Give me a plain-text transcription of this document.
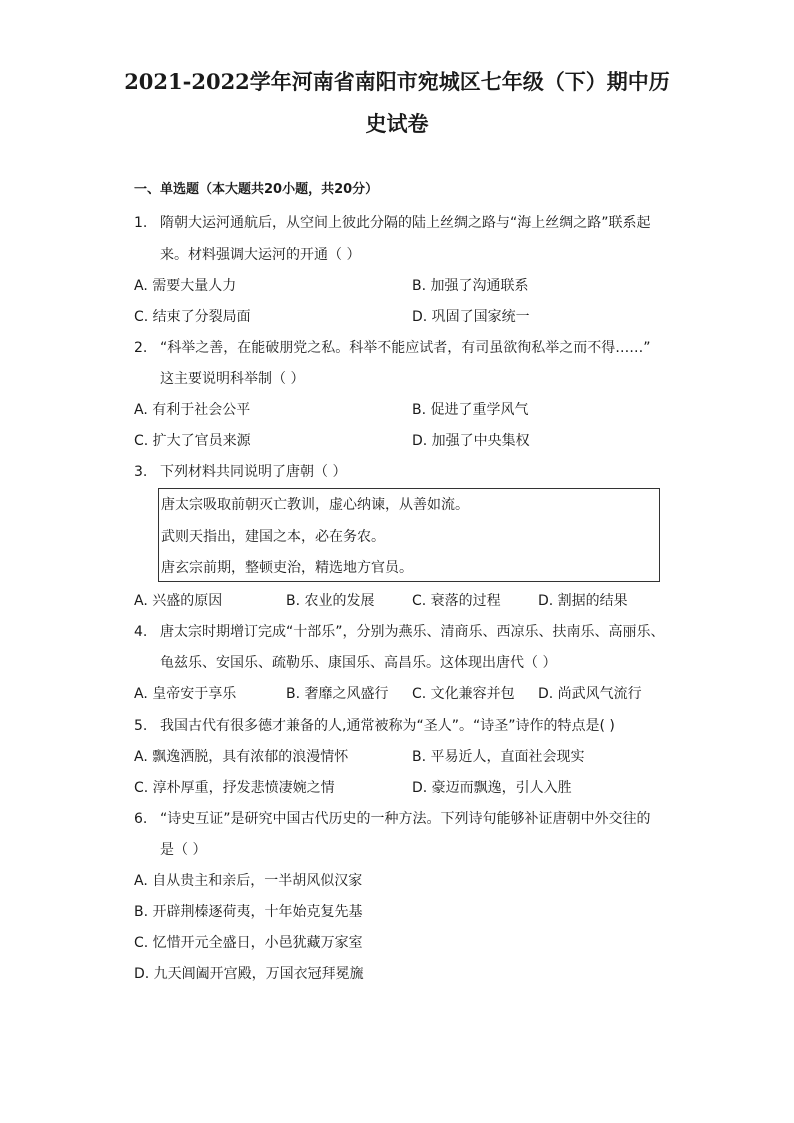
2021-2022学年河南省南阳市宛城区七年级（下）期中历
史试卷
一、单选题（本大题共20小题，共20分）
1. 隋朝大运河通航后，从空间上彼此分隔的陆上丝绸之路与“海上丝绸之路”联系起
来。材料强调大运河的开通（ ）
A. 需要大量人力	B. 加强了沟通联系
C. 结束了分裂局面	D. 巩固了国家统一
2. “科举之善，在能破朋党之私。科举不能应试者，有司虽欲徇私举之而不得……”
这主要说明科举制（ ）
A. 有利于社会公平	B. 促进了重学风气
C. 扩大了官员来源	D. 加强了中央集权
3. 下列材料共同说明了唐朝（ ）
唐太宗吸取前朝灭亡教训，虚心纳谏，从善如流。
武则天指出，建国之本，必在务农。
唐玄宗前期，整顿吏治，精选地方官员。
A. 兴盛的原因	B. 农业的发展	C. 衰落的过程	D. 割据的结果
4. 唐太宗时期增订完成“十部乐”，分别为燕乐、清商乐、西凉乐、扶南乐、高丽乐、
龟兹乐、安国乐、疏勒乐、康国乐、高昌乐。这体现出唐代（ ）
A. 皇帝安于享乐	B. 奢靡之风盛行 C. 文化兼容并包 D. 尚武风气流行
5. 我国古代有很多德才兼备的人,通常被称为“圣人”。“诗圣”诗作的特点是( )
A. 飘逸洒脱，具有浓郁的浪漫情怀	B. 平易近人，直面社会现实
C. 淳朴厚重，抒发悲愤凄婉之情	D. 豪迈而飘逸，引人入胜
6. “诗史互证”是研究中国古代历史的一种方法。下列诗句能够补证唐朝中外交往的
是（ ）
A. 自从贵主和亲后，一半胡风似汉家
B. 开辟荆榛逐荷夷，十年始克复先基
C. 忆惜开元全盛日，小邑犹藏万家室
D. 九天阊阖开宫殿，万国衣冠拜冕旒
